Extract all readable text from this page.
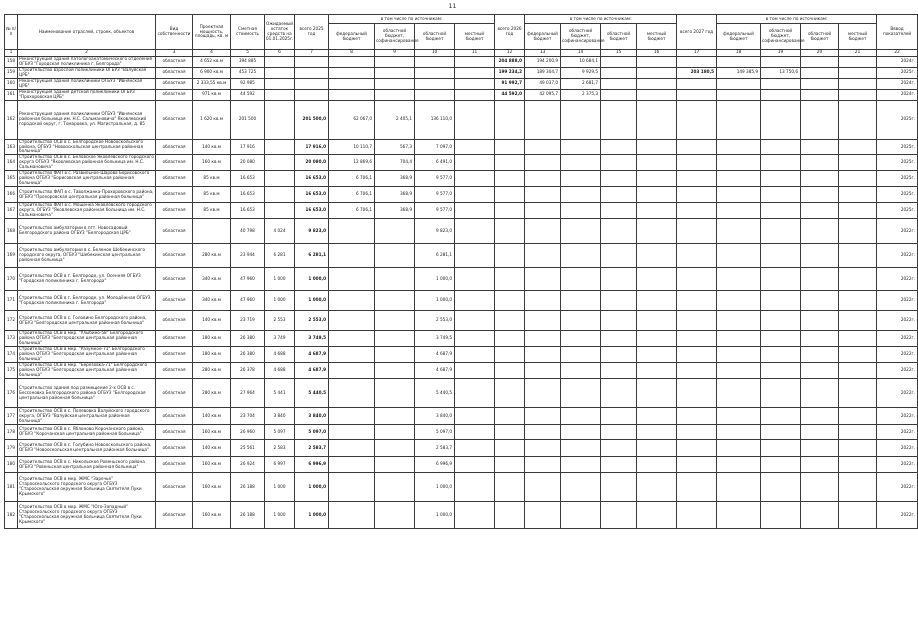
11
№ п/п	Наименование отраслей, строек, объектов	Вид собственности	Проектная мощность, площадь, кв. м	Сметная стоимость	Ожидаемый остаток средств на 01.01.2025г.	всего 2025 год	в том числе по источникам:				всего 2026 год	в том числе по источникам:				всего 2027 год	в том числе по источникам:				Вввод показателей
							федеральный бюджет	областной бюджет, софинансирование	областной бюджет	местный бюджет		федеральный бюджет	областной бюджет, софинансирование	областной бюджет	местный бюджет		федеральный бюджет	областной бюджет, софинансирование	областной бюджет	местный бюджет	
1	2	3	4	5	6	7	8	9	10	11	12	13	14	15	16	17	18	19	20	21	22
158	Реконструкция здания патологоанатомического отделения ОГБУЗ "Городская поликлиника г. Белгорода"	областная	4 652 кв.м	394 885							204 888,0	194 200,9	10 684,1								2024г.
159	Строительство взрослой поликлиники ОГБУЗ "Валуйская ЦРБ"	областная	6 900 кв.м	453 725							199 234,2	189 304,7	9 929,5			203 180,5	149 385,9	13 750,6			2025г.
160	Реконструкция здания поликлиники ОГБУЗ "Ивнянская ЦРБ"	областная	2 333,55 кв.м	92 985							91 992,7	49 037,0	2 681,7								2024г.
161	Реконструкция здания детской поликлиники ОГБУЗ "Прохоровская ЦРБ"	областная	971 кв.м	44 592							44 592,0	42 095,7	2 375,3								2024г.
162	Реконструкция здания поликлиники ОГБУЗ "Ивнянская районная больница им. Н.С. Сальмановича" Яковлевский городской округ, г. Томаровка, ул. Магистральная, д. 85	областная	1 620 кв.м	201 500		201 500,0	62 067,0	2 405,1	136 110,0												2025г.
163	Строительство ОСВ в с. Белгородское Новооскольского района, ОГБУЗ "Новооскольская центральная районная больница"	областная	140 кв.м	17 916		17 916,0	10 110,7	567,3	7 097,0												2025г.
164	Строительство ОСВ в с. Беловское Яковлевского городского округа ОГБУЗ "Яковлевская районная больница им. Н.С. Сальмановича"	областная	160 кв.м	20 080		20 080,0	12 869,6	704,4	6 491,0												2025г.
165	Строительство ФАП в с. Развильное-Шарова Борисовского района ОГБУЗ "Борисовская центральная районная больница"	областная	85 кв.м	16 653		16 653,0	6 706,1	368,9	9 577,0												2025г.
166	Строительство ФАП в с. Таволжанка-Прохоровского района, ОГБУЗ "Прохоровская центральная районная больница"	областная	85 кв.м	16 653		16 653,0	6 706,1	368,9	9 577,0												2025г.
167	Строительство ФАП в с. Мощенка Яковлевского городского округа, ОГБУЗ "Яковлевская районная больница им. Н.С. Сальмановича"	областная	85 кв.м	16 653		16 653,0	6 706,1	368,9	9 577,0												2025г.
168	Строительство амбулатории в пгт. Новосадовый Белгородского района ОГБУЗ "Белгородская ЦРБ"	областная		40 798	4 024	9 823,0			9 823,0												2022г.
169	Строительство амбулатории в с. Беленое Шебекинского городского округа, ОГБУЗ "Шебекинская центральная районная больница"	областная	280 кв.м	23 944	6 281	6 281,1			6 281,1												2022г.
170	Строительство ОСВ в г. Белгороде, ул. Осенняя ОГБУЗ "Городская поликлиника г. Белгорода"	областная	340 кв.м	47 960	1 000	1 000,0			1 000,0												2022г.
171	Строительство ОСВ в г. Белгороде, ул. Молодёжная ОГБУЗ "Городская поликлиника г. Белгорода"	областная	340 кв.м	47 960	1 000	1 000,0			1 000,0												2022г.
172	Строительство ОСВ в с. Головино Белгородского района, ОГБУЗ "Белгородская центральная районная больница"	областная	140 кв.м	23 719	2 553	2 553,0			2 553,0												2022г.
173	Строительство ОСВ в мкр. "Улыбино-58" Белгородского района ОГБУЗ "Белгородская центральная районная больница"	областная	180 кв.м	26 380	3 749	3 749,5			3 749,5												2022г.
174	Строительство ОСВ в мкр. "Разумное-71" Белгородского района ОГБУЗ "Белгородская центральная районная больница"	областная	180 кв.м	26 380	4 688	4 687,9			4 687,9												2022г.
175	Строительство ОСВ в мкр. "Березовка-71" Белгородского района ОГБУЗ "Белгородская центральная районная больница"	областная	280 кв.м	26 378	4 688	4 687,9			4 687,9												2022г.
176	Строительство здания под размещение 2-х ОСВ в с. Бессоновка Белгородского района ОГБУЗ "Белгородская центральная районная больница"	областная	280 кв.м	27 964	5 441	5 440,5			5 440,5												2022г.
177	Строительство ОСВ в с. Полевовка Валуйского городского округа, ОГБУЗ "Валуйская центральная районная больница"	областная	140 кв.м	23 704	3 840	3 840,0			3 840,0												2022г.
178	Строительство ОСВ в с. Яблоново Корочанского района, ОГБУЗ "Корочанская центральная районная больница"	областная	160 кв.м	26 960	5 097	5 097,0			5 097,0												2022г.
179	Строительство ОСВ в с. Голубино Новооскольского района, ОГБУЗ "Новооскольская центральная районная больница"	областная	140 кв.м	25 561	2 583	2 583,7			2 583,7												2022г.
180	Строительство ОСВ в с. Никольское Ровеньского района ОГБУЗ "Ровеньская центральная районная больница"	областная	160 кв.м	26 924	6 997	6 996,9			6 996,9												2022г.
181	Строительство ОСВ в мкр. ЖМС "Заречье" Старооскольского городского округа ОГБУЗ "Старооскольская окружная больница Святителя Луки Крымского"	областная	160 кв.м	26 188	1 000	1 000,0			1 000,0												2022г.
182	Строительство ОСВ в мкр. ЖМС "Юго-Западный" Старооскольского городского округа ОГБУЗ "Старооскольская окружная больница Святителя Луки Крымского"	областная	160 кв.м	26 188	1 000	1 000,0			1 000,0												2022г.
